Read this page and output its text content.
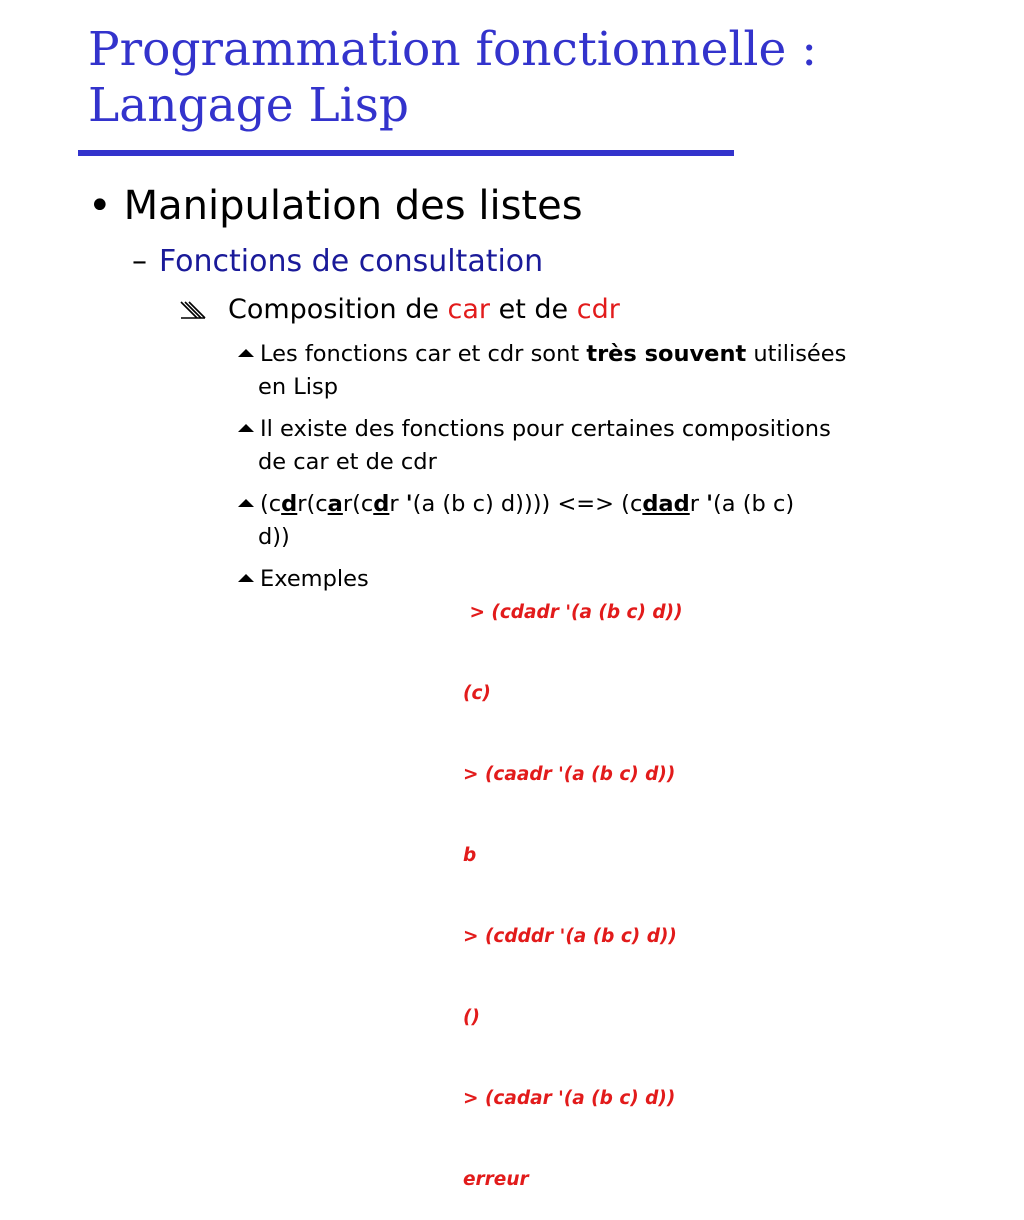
Programmation fonctionnelle :
Langage Lisp
• Manipulation des listes
– Fonctions de consultation
Composition de car et de cdr
Les fonctions car et cdr sont très souvent utilisées
en Lisp
Il existe des fonctions pour certaines compositions
de car et de cdr
(cdr(car(cdr '(a (b c) d)))) <=> (cdadr '(a (b c)
d))
Exemples

> (cdadr '(a (b c) d))

(c)

> (caadr '(a (b c) d))

b

> (cdddr '(a (b c) d))

()

> (cadar '(a (b c) d))

erreur
